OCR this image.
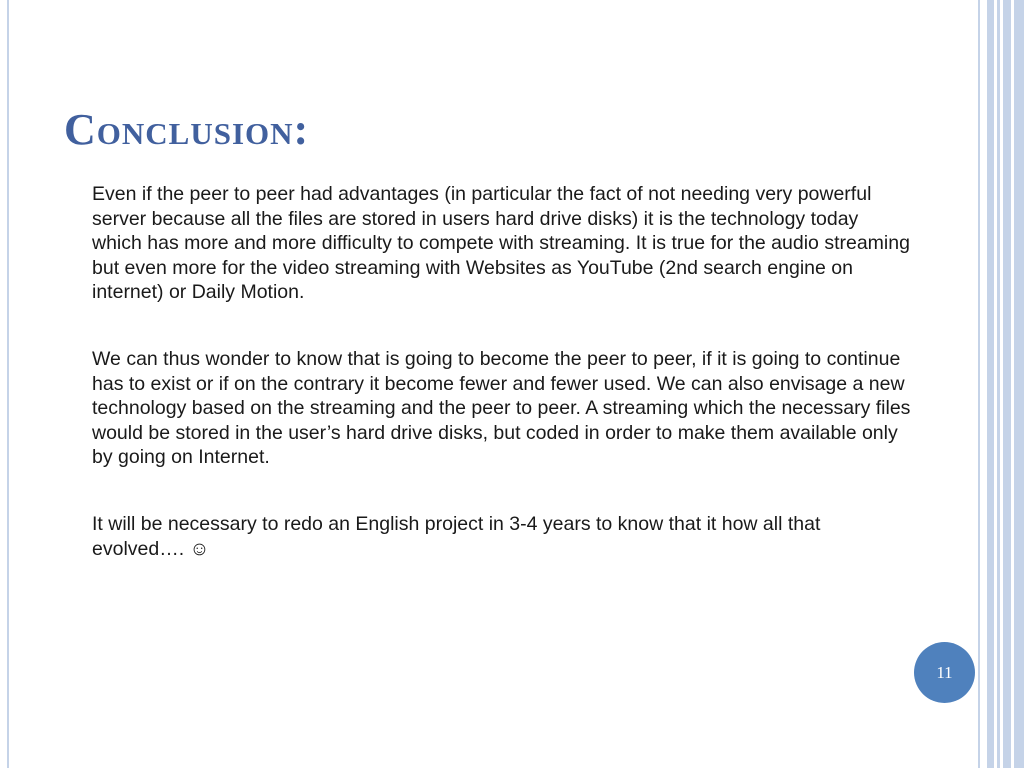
Conclusion:

Even if the peer to peer had advantages (in particular the fact of not needing very powerful server because all the files are stored in users hard drive disks) it is the technology today which has more and more difficulty to compete with streaming. It is true for the audio streaming but even more for the video streaming with Websites as YouTube (2nd search engine on internet) or Daily Motion.

We can thus wonder to know that is going to become the peer to peer, if it is going to continue has to exist or if on the contrary it become fewer and fewer used. We can also envisage a new technology based on the streaming and the peer to peer. A streaming which the necessary files would be stored in the user’s hard drive disks, but coded in order to make them available only by going on Internet.

It will be necessary to redo an English project in 3-4 years to know that it how all that evolved…. ☺

11
